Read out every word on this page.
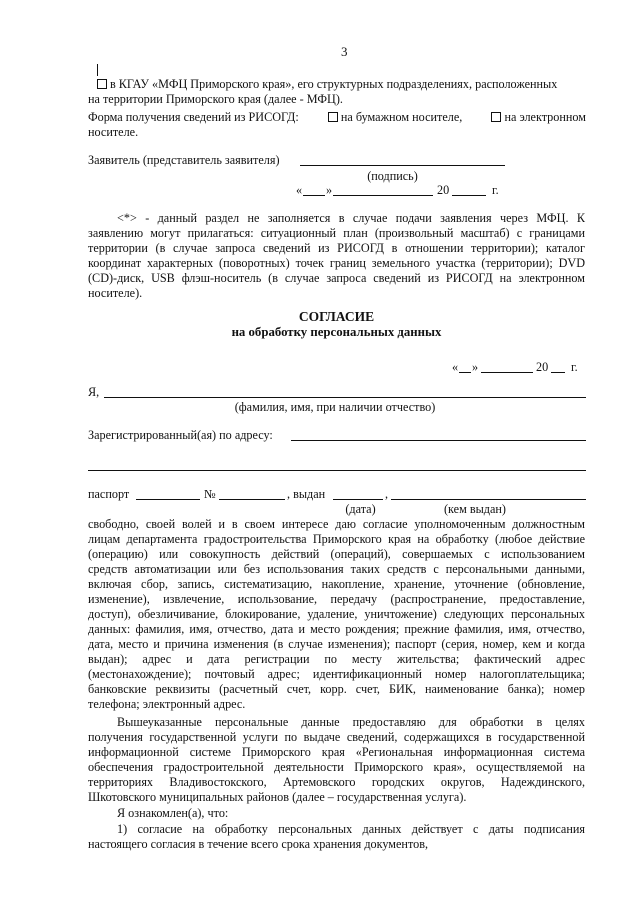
3
в КГАУ «МФЦ Приморского края», его структурных подразделениях, расположенных
на территории Приморского края (далее - МФЦ).
Форма получения сведений из РИСОГД:	на бумажном носителе,	на электронном
носителе.
Заявитель (представитель заявителя)
(подпись)
« »	20	г.
<*> - данный раздел не заполняется в случае подачи заявления через МФЦ. К
заявлению могут прилагаться: ситуационный план (произвольный масштаб) с границами
территории (в случае запроса сведений из РИСОГД в отношении территории); каталог
координат характерных (поворотных) точек границ земельного участка (территории); DVD
(CD)-диск, USB флэш-носитель (в случае запроса сведений из РИСОГД на электронном
носителе).
СОГЛАСИЕ
на обработку персональных данных
« »	20 г.
Я,
(фамилия, имя, при наличии отчество)
Зарегистрированный(ая) по адресу:
паспорт	№	, выдан	,
(дата)	(кем выдан)
свободно, своей волей и в своем интересе даю согласие уполномоченным должностным
лицам департамента градостроительства Приморского края на обработку (любое действие
(операцию) или совокупность действий (операций), совершаемых с использованием
средств автоматизации или без использования таких средств с персональными данными,
включая сбор, запись, систематизацию, накопление, хранение, уточнение (обновление,
изменение), извлечение, использование, передачу (распространение, предоставление,
доступ), обезличивание, блокирование, удаление, уничтожение) следующих персональных
данных: фамилия, имя, отчество, дата и место рождения; прежние фамилия, имя, отчество,
дата, место и причина изменения (в случае изменения); паспорт (серия, номер, кем и когда
выдан); адрес и дата регистрации по месту жительства; фактический адрес
(местонахождение); почтовый адрес; идентификационный номер налогоплательщика;
банковские реквизиты (расчетный счет, корр. счет, БИК, наименование банка); номер
телефона; электронный адрес.
Вышеуказанные персональные данные предоставляю для обработки в целях
получения государственной услуги по выдаче сведений, содержащихся в государственной
информационной системе Приморского края «Региональная информационная система
обеспечения градостроительной деятельности Приморского края», осуществляемой на
территориях Владивостокского, Артемовского городских округов, Надеждинского,
Шкотовского муниципальных районов (далее – государственная услуга).
Я ознакомлен(а), что:
1) согласие на обработку персональных данных действует с даты подписания
настоящего согласия в течение всего срока хранения документов,
